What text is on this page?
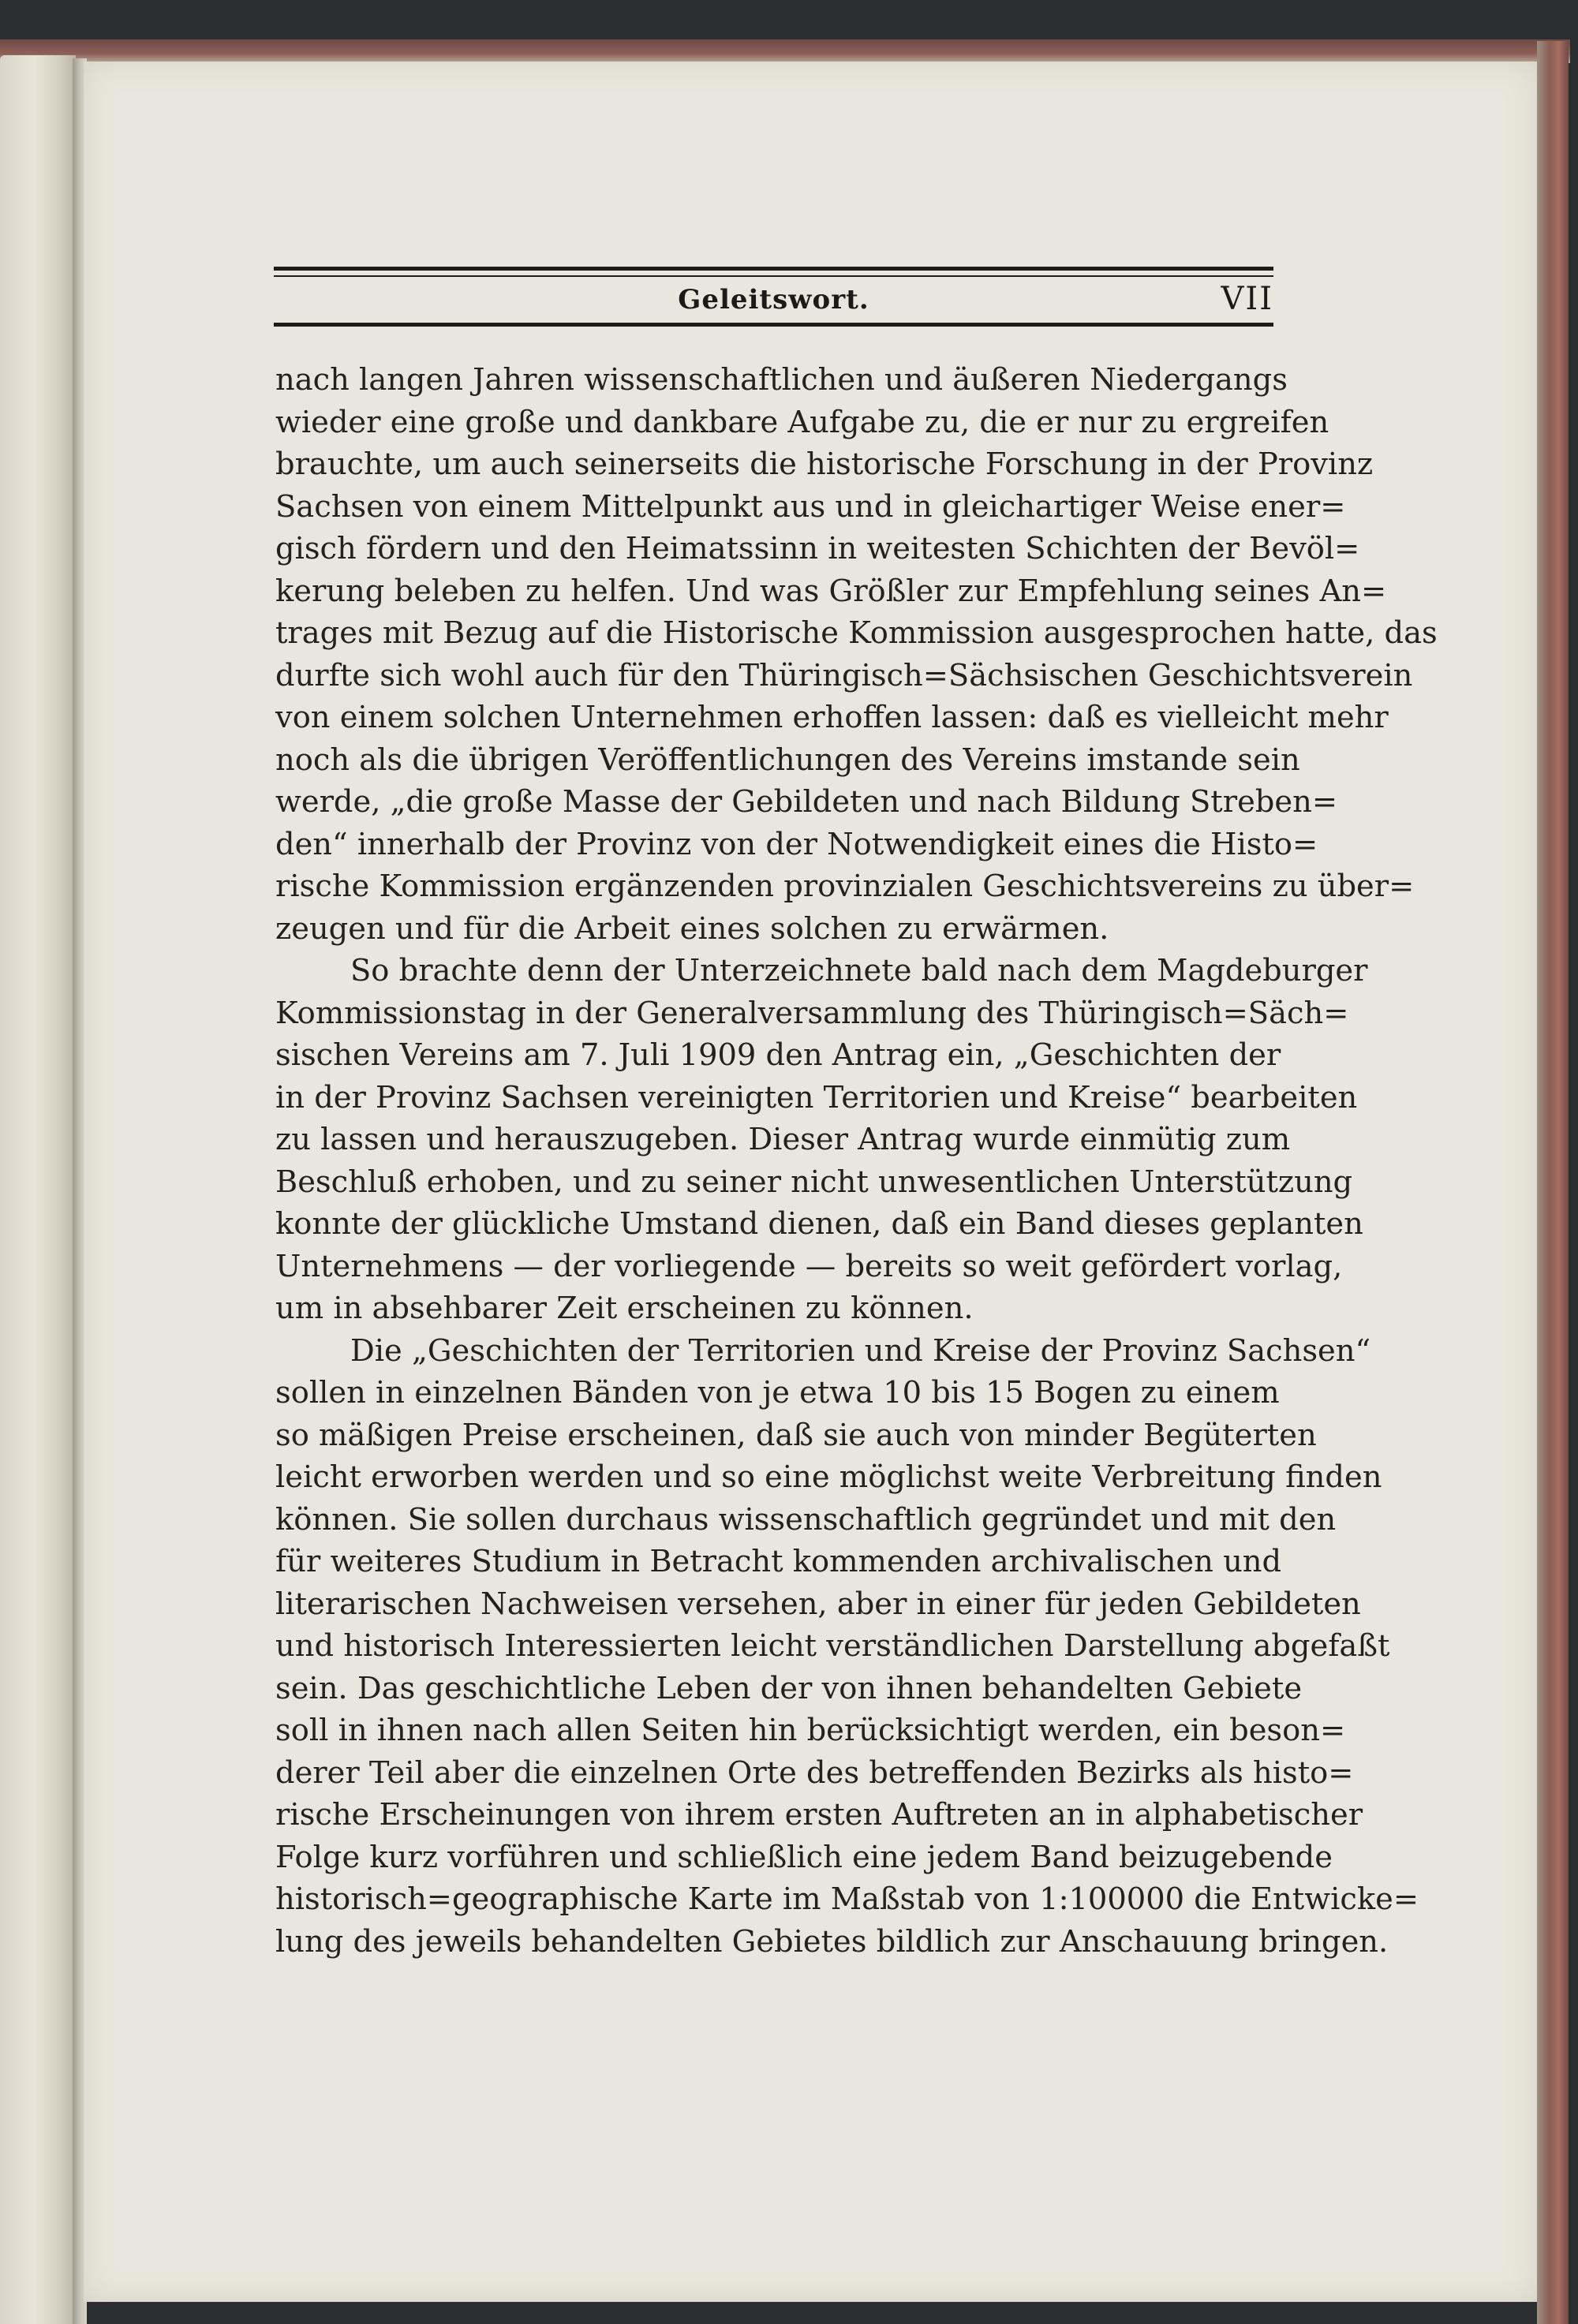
Geleitswort.	VII
nach langen Jahren wissenschaftlichen und äußeren Niedergangs
wieder eine große und dankbare Aufgabe zu, die er nur zu ergreifen
brauchte, um auch seinerseits die historische Forschung in der Provinz
Sachsen von einem Mittelpunkt aus und in gleichartiger Weise ener=
gisch fördern und den Heimatssinn in weitesten Schichten der Bevöl=
kerung beleben zu helfen. Und was Größler zur Empfehlung seines An=
trages mit Bezug auf die Historische Kommission ausgesprochen hatte, das
durfte sich wohl auch für den Thüringisch=Sächsischen Geschichtsverein
von einem solchen Unternehmen erhoffen lassen: daß es vielleicht mehr
noch als die übrigen Veröffentlichungen des Vereins imstande sein
werde, „die große Masse der Gebildeten und nach Bildung Streben=
den“ innerhalb der Provinz von der Notwendigkeit eines die Histo=
rische Kommission ergänzenden provinzialen Geschichtsvereins zu über=
zeugen und für die Arbeit eines solchen zu erwärmen.
So brachte denn der Unterzeichnete bald nach dem Magdeburger
Kommissionstag in der Generalversammlung des Thüringisch=Säch=
sischen Vereins am 7. Juli 1909 den Antrag ein, „Geschichten der
in der Provinz Sachsen vereinigten Territorien und Kreise“ bearbeiten
zu lassen und herauszugeben. Dieser Antrag wurde einmütig zum
Beschluß erhoben, und zu seiner nicht unwesentlichen Unterstützung
konnte der glückliche Umstand dienen, daß ein Band dieses geplanten
Unternehmens — der vorliegende — bereits so weit gefördert vorlag,
um in absehbarer Zeit erscheinen zu können.
Die „Geschichten der Territorien und Kreise der Provinz Sachsen“
sollen in einzelnen Bänden von je etwa 10 bis 15 Bogen zu einem
so mäßigen Preise erscheinen, daß sie auch von minder Begüterten
leicht erworben werden und so eine möglichst weite Verbreitung finden
können. Sie sollen durchaus wissenschaftlich gegründet und mit den
für weiteres Studium in Betracht kommenden archivalischen und
literarischen Nachweisen versehen, aber in einer für jeden Gebildeten
und historisch Interessierten leicht verständlichen Darstellung abgefaßt
sein. Das geschichtliche Leben der von ihnen behandelten Gebiete
soll in ihnen nach allen Seiten hin berücksichtigt werden, ein beson=
derer Teil aber die einzelnen Orte des betreffenden Bezirks als histo=
rische Erscheinungen von ihrem ersten Auftreten an in alphabetischer
Folge kurz vorführen und schließlich eine jedem Band beizugebende
historisch=geographische Karte im Maßstab von 1:100000 die Entwicke=
lung des jeweils behandelten Gebietes bildlich zur Anschauung bringen.
